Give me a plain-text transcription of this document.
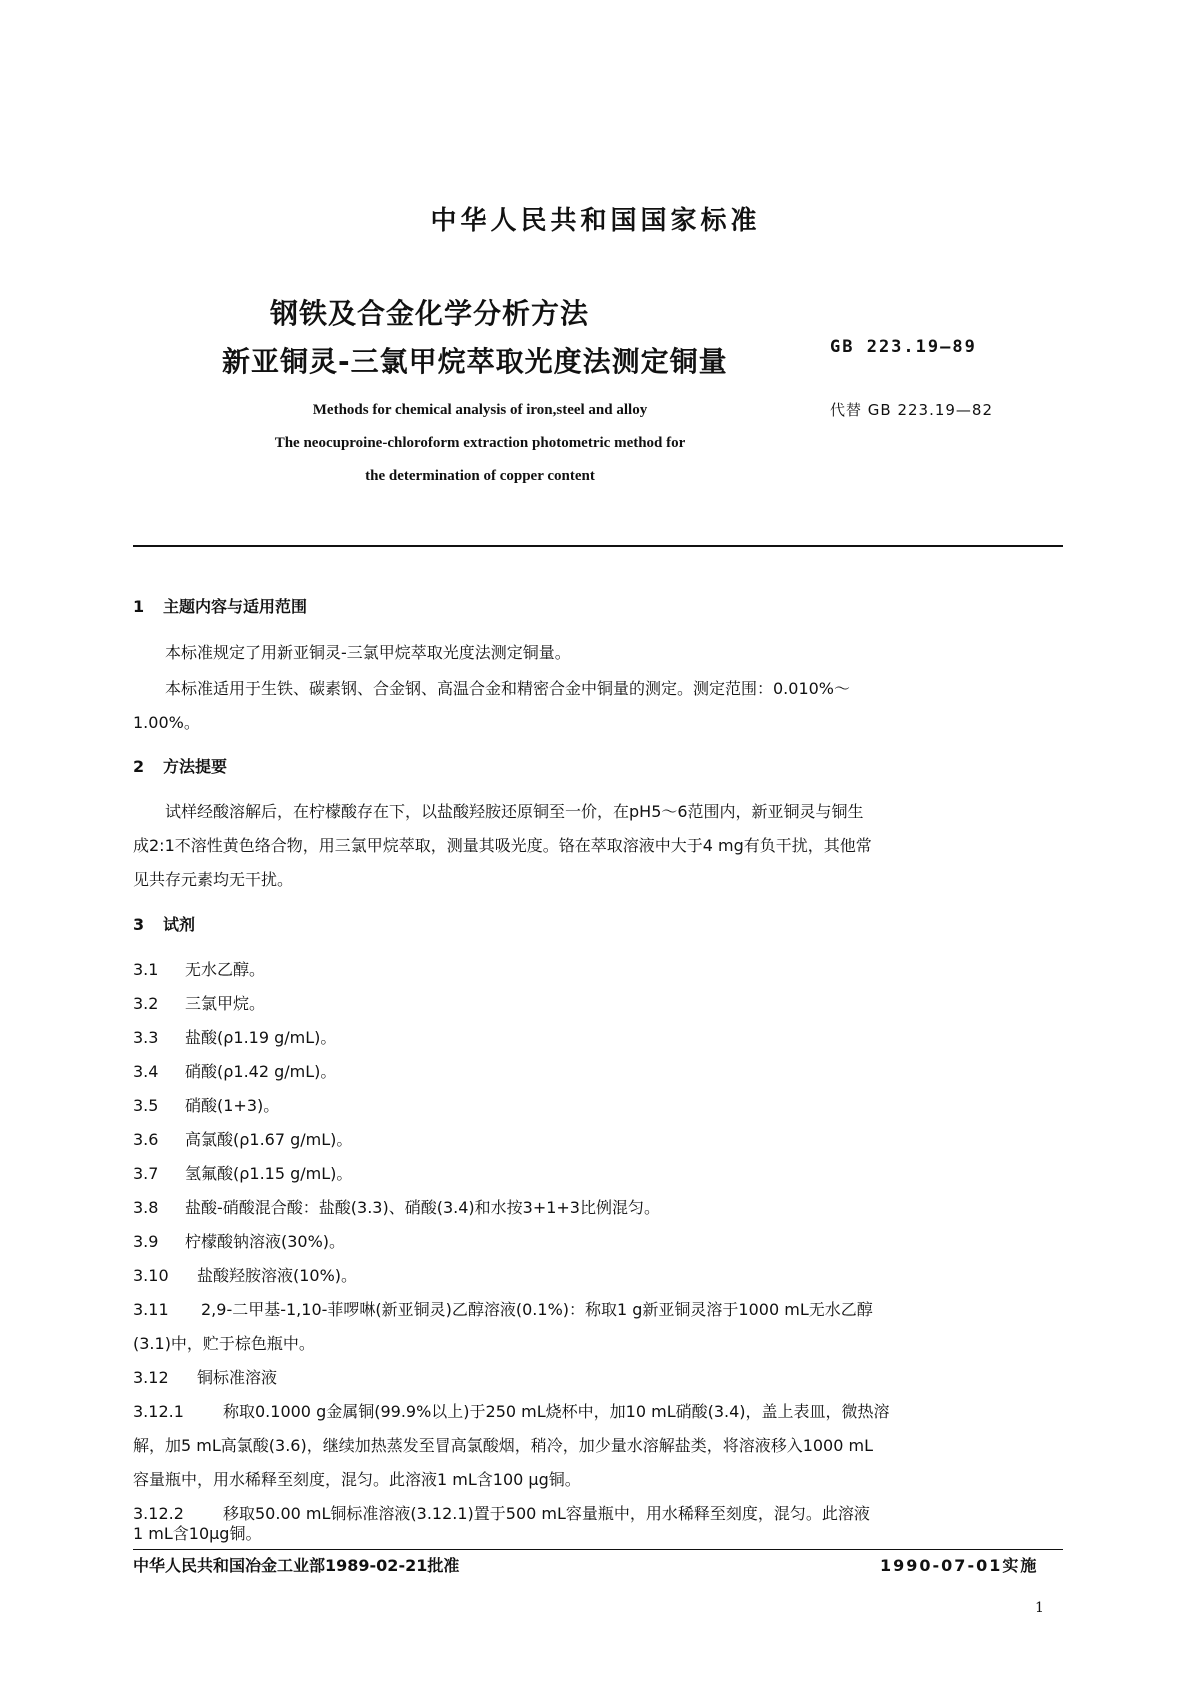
中华人民共和国国家标准
钢铁及合金化学分析方法
新亚铜灵-三氯甲烷萃取光度法测定铜量	GB 223.19—89
代替 GB 223.19—82
Methods for chemical analysis of iron,steel and alloy
The neocuproine-chloroform extraction photometric method for
the determination of copper content
1 主题内容与适用范围
本标准规定了用新亚铜灵-三氯甲烷萃取光度法测定铜量。
本标准适用于生铁、碳素钢、合金钢、高温合金和精密合金中铜量的测定。测定范围：0.010%～
1.00%。
2 方法提要
试样经酸溶解后，在柠檬酸存在下，以盐酸羟胺还原铜至一价，在pH5～6范围内，新亚铜灵与铜生
成2:1不溶性黄色络合物，用三氯甲烷萃取，测量其吸光度。铬在萃取溶液中大于4 mg有负干扰，其他常
见共存元素均无干扰。
3 试剂
3.1 无水乙醇。
3.2 三氯甲烷。
3.3 盐酸(ρ1.19 g/mL)。
3.4 硝酸(ρ1.42 g/mL)。
3.5 硝酸(1+3)。
3.6 高氯酸(ρ1.67 g/mL)。
3.7 氢氟酸(ρ1.15 g/mL)。
3.8 盐酸-硝酸混合酸：盐酸(3.3)、硝酸(3.4)和水按3+1+3比例混匀。
3.9 柠檬酸钠溶液(30%)。
3.10 盐酸羟胺溶液(10%)。
3.11 2,9-二甲基-1,10-菲啰啉(新亚铜灵)乙醇溶液(0.1%)：称取1 g新亚铜灵溶于1000 mL无水乙醇
(3.1)中，贮于棕色瓶中。
3.12 铜标准溶液
3.12.1 称取0.1000 g金属铜(99.9%以上)于250 mL烧杯中，加10 mL硝酸(3.4)，盖上表皿，微热溶
解，加5 mL高氯酸(3.6)，继续加热蒸发至冒高氯酸烟，稍冷，加少量水溶解盐类，将溶液移入1000 mL
容量瓶中，用水稀释至刻度，混匀。此溶液1 mL含100 μg铜。
3.12.2 移取50.00 mL铜标准溶液(3.12.1)置于500 mL容量瓶中，用水稀释至刻度，混匀。此溶液
1 mL含10μg铜。
中华人民共和国冶金工业部1989-02-21批准	1990-07-01实施
1
